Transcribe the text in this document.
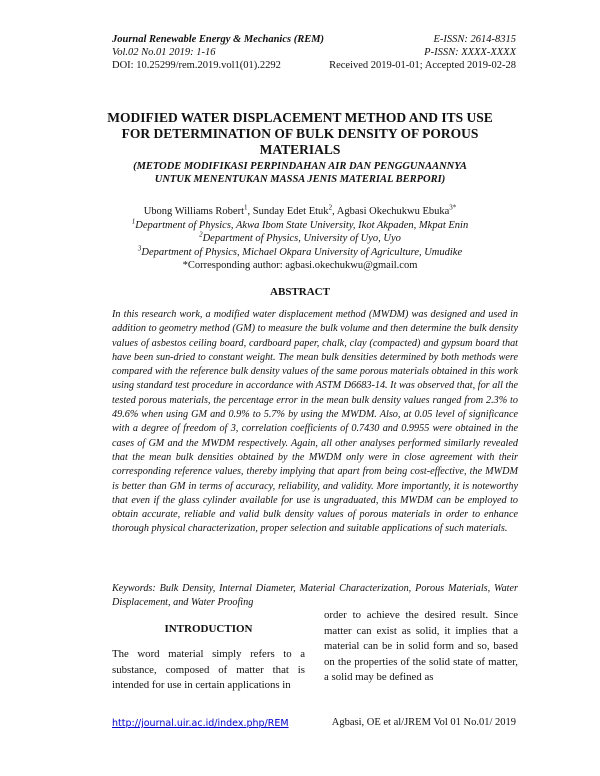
Journal Renewable Energy & Mechanics (REM)
Vol.02 No.01 2019: 1-16
DOI: 10.25299/rem.2019.vol1(01).2292
E-ISSN: 2614-8315
P-ISSN: XXXX-XXXX
Received 2019-01-01; Accepted 2019-02-28
MODIFIED WATER DISPLACEMENT METHOD AND ITS USE
FOR DETERMINATION OF BULK DENSITY OF POROUS
MATERIALS
(METODE MODIFIKASI PERPINDAHAN AIR DAN PENGGUNAANNYA
UNTUK MENENTUKAN MASSA JENIS MATERIAL BERPORI)
Ubong Williams Robert$^1$, Sunday Edet Etuk$^2$, Agbasi Okechukwu Ebuka$^{3*}$
$^1$Department of Physics, Akwa Ibom State University, Ikot Akpaden, Mkpat Enin
$^2$Department of Physics, University of Uyo, Uyo
$^3$Department of Physics, Michael Okpara University of Agriculture, Umudike
*Corresponding author: agbasi.okechukwu@gmail.com
ABSTRACT
In this research work, a modified water displacement method (MWDM) was designed and used in addition to geometry method (GM) to measure the bulk volume and then determine the bulk density values of asbestos ceiling board, cardboard paper, chalk, clay (compacted) and gypsum board that have been sun-dried to constant weight. The mean bulk densities determined by both methods were compared with the reference bulk density values of the same porous materials obtained in this work using standard test procedure in accordance with ASTM D6683-14. It was observed that, for all the tested porous materials, the percentage error in the mean bulk density values ranged from 2.3% to 49.6% when using GM and 0.9% to 5.7% by using the MWDM. Also, at 0.05 level of significance with a degree of freedom of 3, correlation coefficients of 0.7430 and 0.9955 were obtained in the cases of GM and the MWDM respectively. Again, all other analyses performed similarly revealed that the mean bulk densities obtained by the MWDM only were in close agreement with their corresponding reference values, thereby implying that apart from being cost-effective, the MWDM is better than GM in terms of accuracy, reliability, and validity. More importantly, it is noteworthy that even if the glass cylinder available for use is ungraduated, this MWDM can be employed to obtain accurate, reliable and valid bulk density values of porous materials in order to enhance thorough physical characterization, proper selection and suitable applications of such materials.
Keywords: Bulk Density, Internal Diameter, Material Characterization, Porous Materials, Water Displacement, and Water Proofing
INTRODUCTION
The word material simply refers to a substance, composed of matter that is intended for use in certain applications in
order to achieve the desired result. Since matter can exist as solid, it implies that a material can be in solid form and so, based on the properties of the solid state of matter, a solid may be defined as
http://journal.uir.ac.id/index.php/REM	Agbasi, OE et al/JREM Vol 01 No.01/ 2019
